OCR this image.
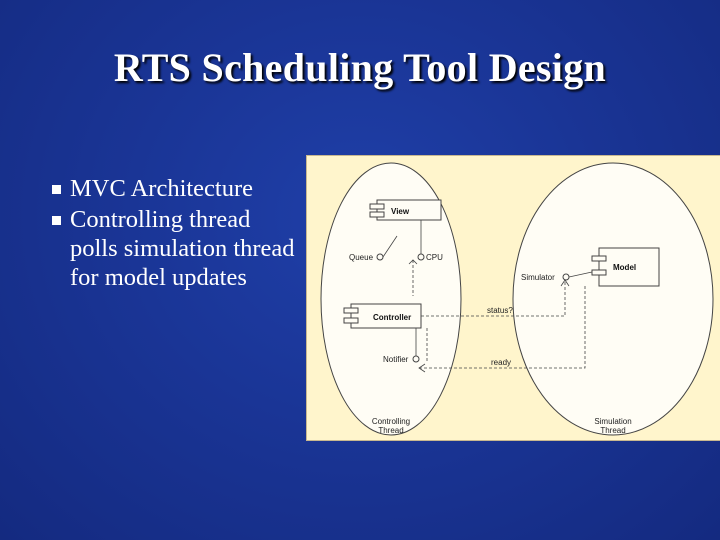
RTS Scheduling Tool Design
MVC Architecture
Controlling thread polls simulation thread for model updates
View
Controller
Model
Queue	CPU
Simulator
Notifier
status?
ready
Controlling
Thread
Simulation
Thread
